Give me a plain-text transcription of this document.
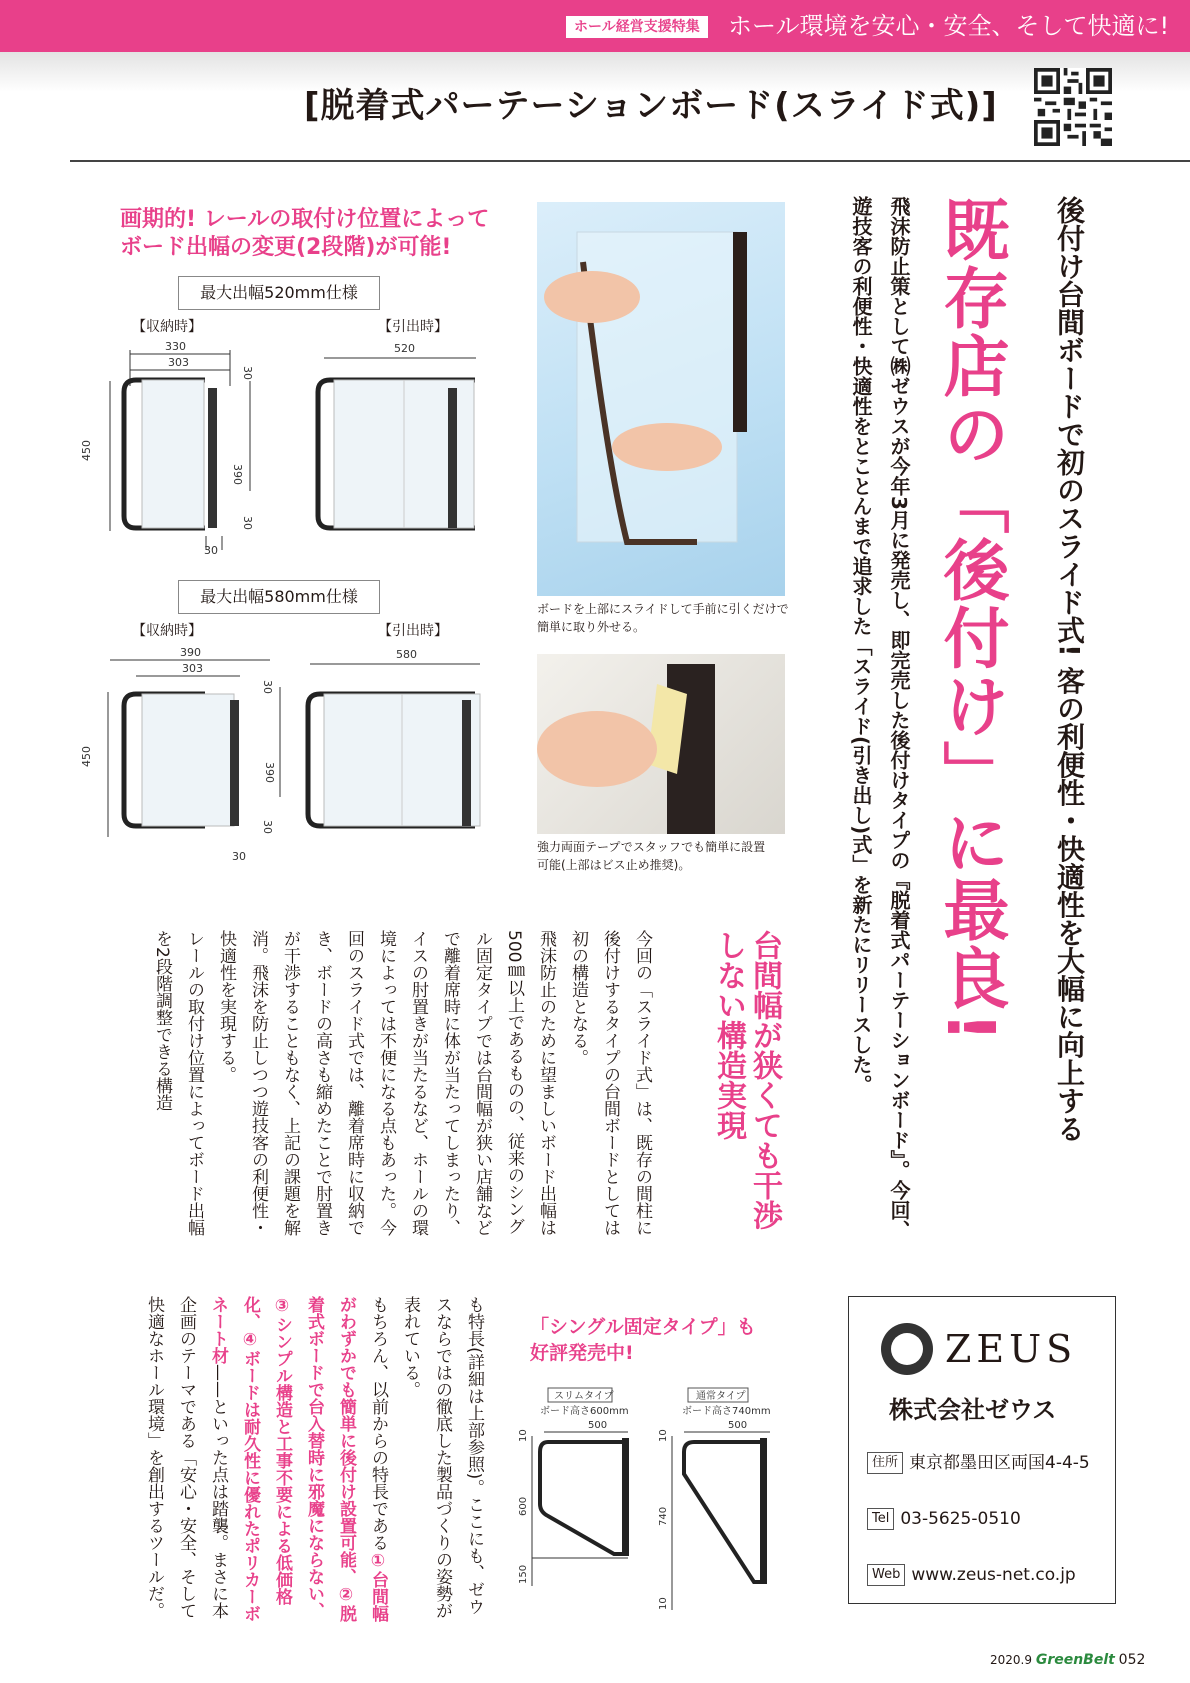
ホール経営支援特集	ホール環境を安心・安全、そして快適に!
[脱着式パーテーションボード(スライド式)]
後付け台間ボードで初のスライド式! 客の利便性・快適性を大幅に向上する
既存店の「後付け」に最良!
飛沫防止策として㈱ゼウスが今年3月に発売し、即完売した後付けタイプの『脱着式パーテーションボード』。今回、遊技客の利便性・快適性をとことんまで追求した「スライド(引き出し)式」を新たにリリースした。
画期的! レールの取付け位置によって
ボード出幅の変更(2段階)が可能!
最大出幅520mm仕様
【収納時】	【引出時】
330
303
450
390
30
30
30
520
最大出幅580mm仕様
【収納時】	【引出時】
390
303
450
390
30
30
30
580
ボードを上部にスライドして手前に引くだけで
簡単に取り外せる。
強力両面テープでスタッフでも簡単に設置
可能(上部はビス止め推奨)。
台間幅が狭くても干渉しない構造実現
今回の「スライド式」は、既存の間柱に後付けするタイプの台間ボードとしては初の構造となる。
飛沫防止のために望ましいボード出幅は500㎜以上であるものの、従来のシングル固定タイプでは台間幅が狭い店舗などで離着席時に体が当たってしまったり、イスの肘置きが当たるなど、ホールの環境によっては不便になる点もあった。今回のスライド式では、離着席時に収納でき、ボードの高さも縮めたことで肘置きが干渉することもなく、上記の課題を解消。飛沫を防止しつつ遊技客の利便性・快適性を実現する。
レールの取付け位置によってボード出幅を2段階調整できる構造
も特長(詳細は上部参照)。ここにも、ゼウスならではの徹底した製品づくりの姿勢が表れている。
もちろん、以前からの特長である①台間幅がわずかでも簡単に後付け設置可能、②脱着式ボードで台入替時に邪魔にならない、③シンプル構造と工事不要による低価格化、④ボードは耐久性に優れたポリカーボネート材——といった点は踏襲。まさに本企画のテーマである「安心・安全、そして快適なホール環境」を創出するツールだ。	「シングル固定タイプ」も
好評発売中!
スリムタイプ
ボード高さ600mm
通常タイプ
ボード高さ740mm
500	500
10
600
150
10
740
10
ZEUS
株式会社ゼウス
住所 東京都墨田区両国4-4-5
Tel 03-5625-0510
Web www.zeus-net.co.jp
2020.9 GreenBelt 052
